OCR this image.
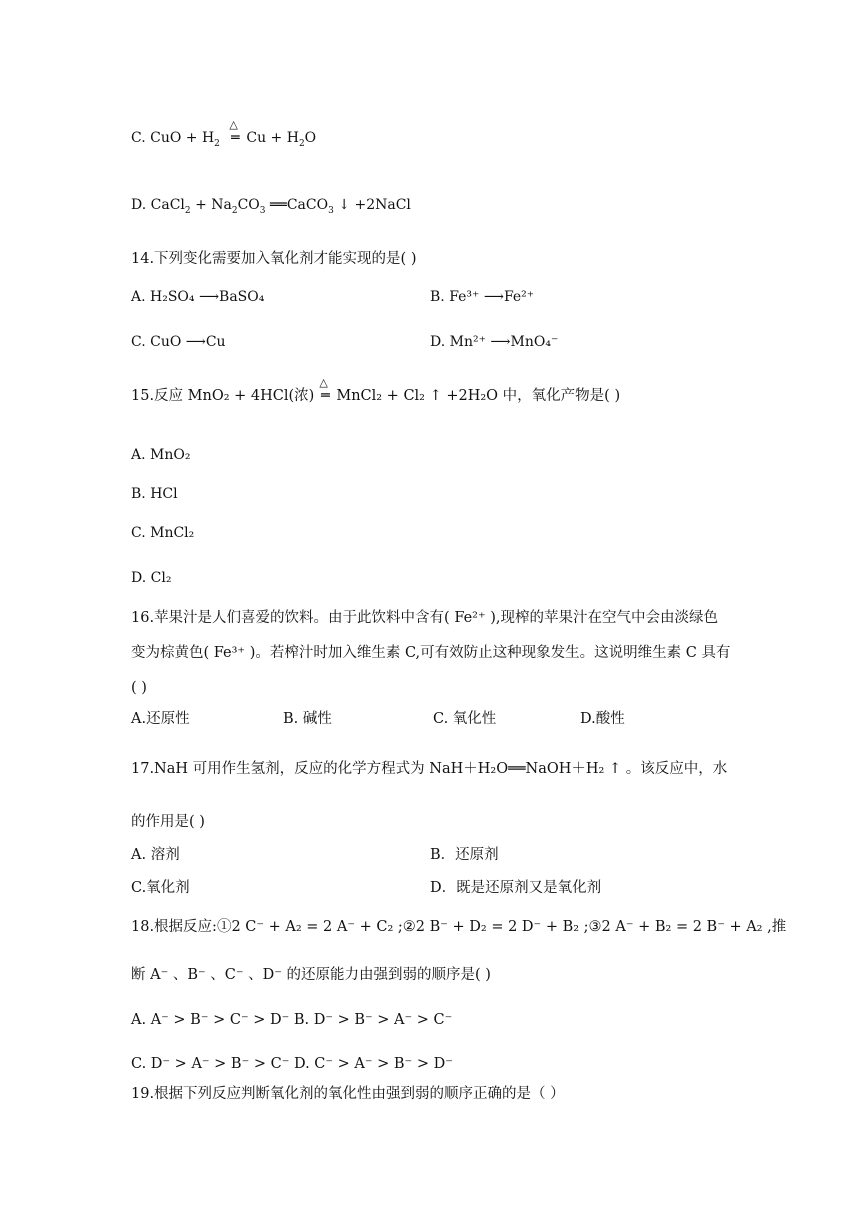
C. CuO + $H_2$
△
═ $Cu + H_2O$
D. CaCl$_2$ + $Na_2CO_3$ ══CaCO$_3$ ↓ +2NaCl
14.下列变化需要加入氧化剂才能实现的是( )
A. H₂SO₄ ⟶BaSO₄	B. Fe³⁺ ⟶Fe²⁺
C. CuO ⟶Cu	D. Mn²⁺ ⟶MnO₄⁻
15.反应 MnO₂ + 4HCl(浓)
△
═ MnCl₂ + Cl₂ ↑ +2H₂O 中，氧化产物是( )
A. MnO₂
B. HCl
C. MnCl₂
D. Cl₂
16.苹果汁是人们喜爱的饮料。由于此饮料中含有( Fe²⁺ ),现榨的苹果汁在空气中会由淡绿色
变为棕黄色( Fe³⁺ )。若榨汁时加入维生素 C,可有效防止这种现象发生。这说明维生素 C 具有
( )
A.还原性	B. 碱性	C. 氧化性	D.酸性
17.NaH 可用作生氢剂，反应的化学方程式为 NaH＋H₂O══NaOH＋H₂ ↑ 。该反应中，水
的作用是( )
A. 溶剂	B．还原剂
C.氧化剂	D．既是还原剂又是氧化剂
18.根据反应:①2 C⁻ + A₂ = 2 A⁻ + C₂ ;②2 B⁻ + D₂ = 2 D⁻ + B₂ ;③2 A⁻ + B₂ = 2 B⁻ + A₂ ,推
断 A⁻ 、B⁻ 、C⁻ 、D⁻ 的还原能力由强到弱的顺序是( )
A. A⁻ > B⁻ > C⁻ > D⁻ B. D⁻ > B⁻ > A⁻ > C⁻
C. D⁻ > A⁻ > B⁻ > C⁻ D. C⁻ > A⁻ > B⁻ > D⁻
19.根据下列反应判断氧化剂的氧化性由强到弱的顺序正确的是（ ）
